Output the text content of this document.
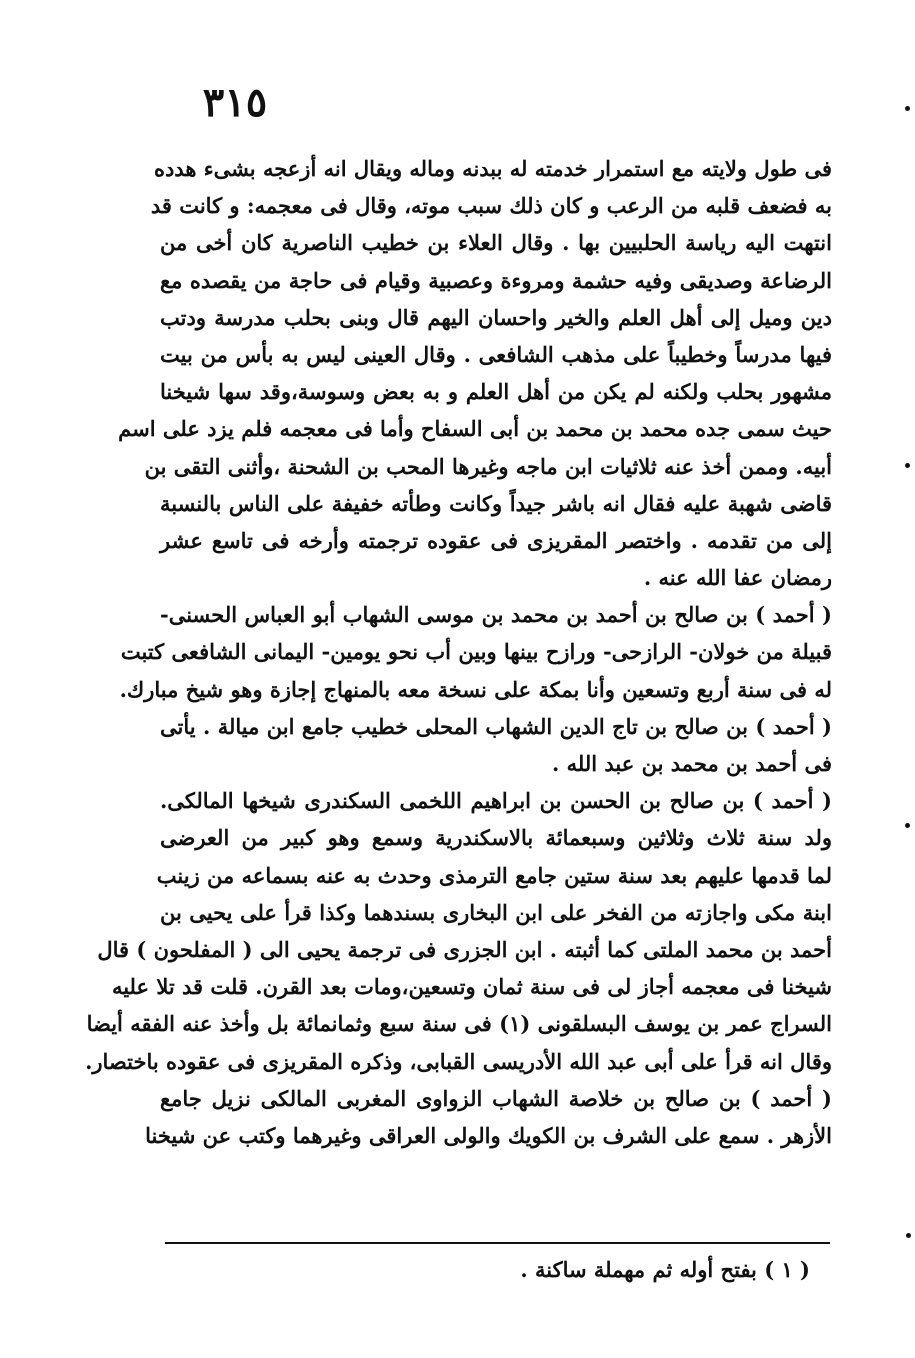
٣١٥
فى طول ولايته مع استمرار خدمته له ببدنه وماله ويقال انه أزعجه بشىء هدده
به فضعف قلبه من الرعب و كان ذلك سبب موته، وقال فى معجمه: و كانت قد
انتهت اليه رياسة الحلبيين بها . وقال العلاء بن خطيب الناصرية كان أخى من
الرضاعة وصديقى وفيه حشمة ومروءة وعصبية وقيام فى حاجة من يقصده مع
دين وميل إلى أهل العلم والخير واحسان اليهم قال وبنى بحلب مدرسة ودتب
فيها مدرساً وخطيباً على مذهب الشافعى . وقال العينى ليس به بأس من بيت
مشهور بحلب ولكنه لم يكن من أهل العلم و به بعض وسوسة،وقد سها شيخنا
حيث سمى جده محمد بن محمد بن أبى السفاح وأما فى معجمه فلم يزد على اسم
أبيه. وممن أخذ عنه ثلاثيات ابن ماجه وغيرها المحب بن الشحنة ،وأثنى التقى بن
قاضى شهبة عليه فقال انه باشر جيداً وكانت وطأته خفيفة على الناس بالنسبة
إلى من تقدمه . واختصر المقريزى فى عقوده ترجمته وأرخه فى تاسع عشر
رمضان عفا الله عنه .
( أحمد ) بن صالح بن أحمد بن محمد بن موسى الشهاب أبو العباس الحسنى-
قبيلة من خولان- الرازحى- ورازح بينها وبين أب نحو يومين- اليمانى الشافعى كتبت
له فى سنة أربع وتسعين وأنا بمكة على نسخة معه بالمنهاج إجازة وهو شيخ مبارك.
( أحمد ) بن صالح بن تاج الدين الشهاب المحلى خطيب جامع ابن ميالة . يأتى
فى أحمد بن محمد بن عبد الله .
( أحمد ) بن صالح بن الحسن بن ابراهيم اللخمى السكندرى شيخها المالكى.
ولد سنة ثلاث وثلاثين وسبعمائة بالاسكندرية وسمع وهو كبير من العرضى
لما قدمها عليهم بعد سنة ستين جامع الترمذى وحدث به عنه بسماعه من زينب
ابنة مكى واجازته من الفخر على ابن البخارى بسندهما وكذا قرأ على يحيى بن
أحمد بن محمد الملتى كما أثبته . ابن الجزرى فى ترجمة يحيى الى ( المفلحون ) قال
شيخنا فى معجمه أجاز لى فى سنة ثمان وتسعين،ومات بعد القرن. قلت قد تلا عليه
السراج عمر بن يوسف البسلقونى (١) فى سنة سبع وثمانمائة بل وأخذ عنه الفقه أيضا
وقال انه قرأ على أبى عبد الله الأدريسى القبابى، وذكره المقريزى فى عقوده باختصار.
( أحمد ) بن صالح بن خلاصة الشهاب الزواوى المغربى المالكى نزيل جامع
الأزهر . سمع على الشرف بن الكويك والولى العراقى وغيرهما وكتب عن شيخنا
( ١ ) بفتح أوله ثم مهملة ساكنة .
